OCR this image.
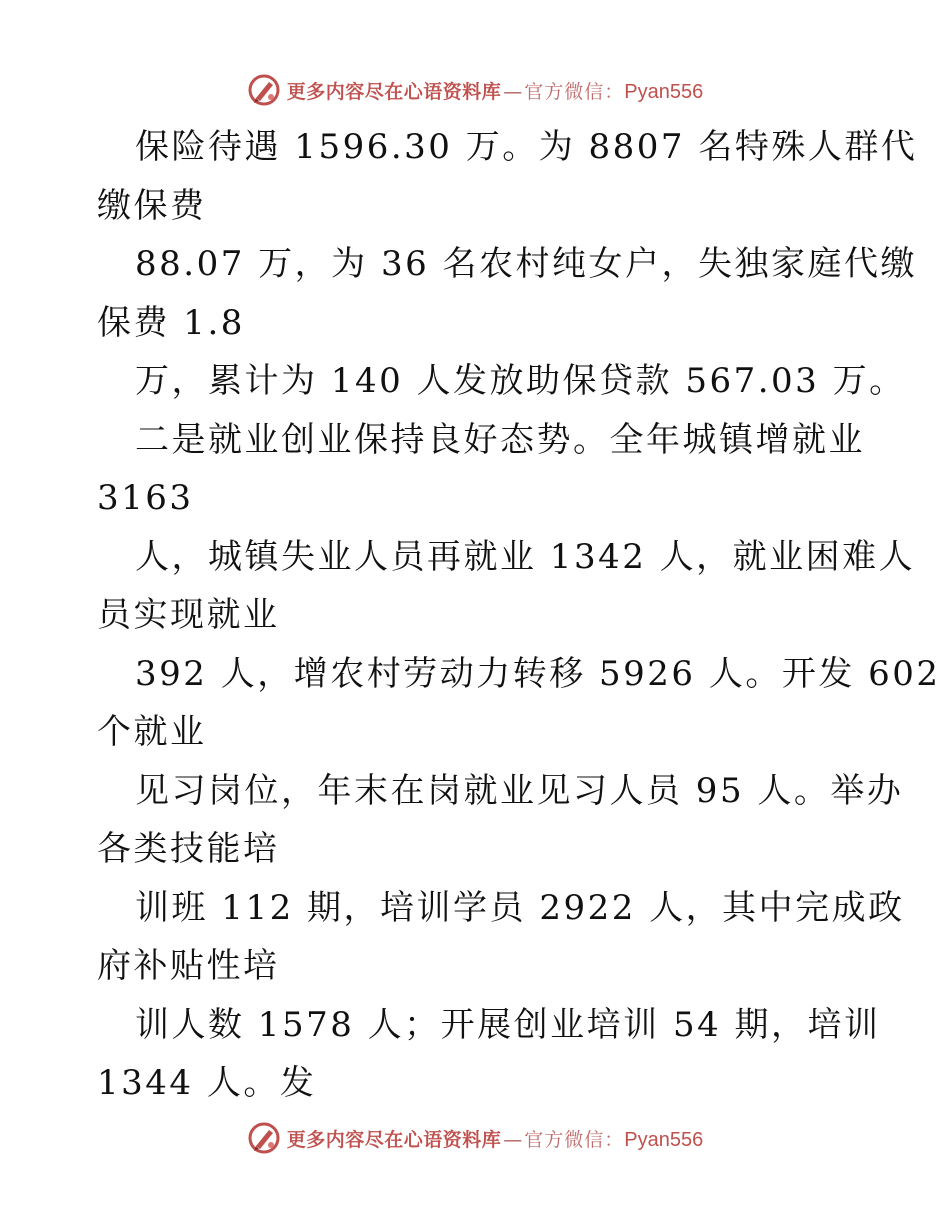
更多内容尽在心语资料库 — 官方微信： Pyan556
保险待遇 1596.30 万。为 8807 名特殊人群代
缴保费
88.07 万，为 36 名农村纯女户，失独家庭代缴
保费 1.8
万，累计为 140 人发放助保贷款 567.03 万。
二是就业创业保持良好态势。全年城镇增就业
3163
人，城镇失业人员再就业 1342 人，就业困难人
员实现就业
392 人，增农村劳动力转移 5926 人。开发 602
个就业
见习岗位，年末在岗就业见习人员 95 人。举办
各类技能培
训班 112 期，培训学员 2922 人，其中完成政
府补贴性培
训人数 1578 人；开展创业培训 54 期，培训
1344 人。发
更多内容尽在心语资料库 — 官方微信： Pyan556
